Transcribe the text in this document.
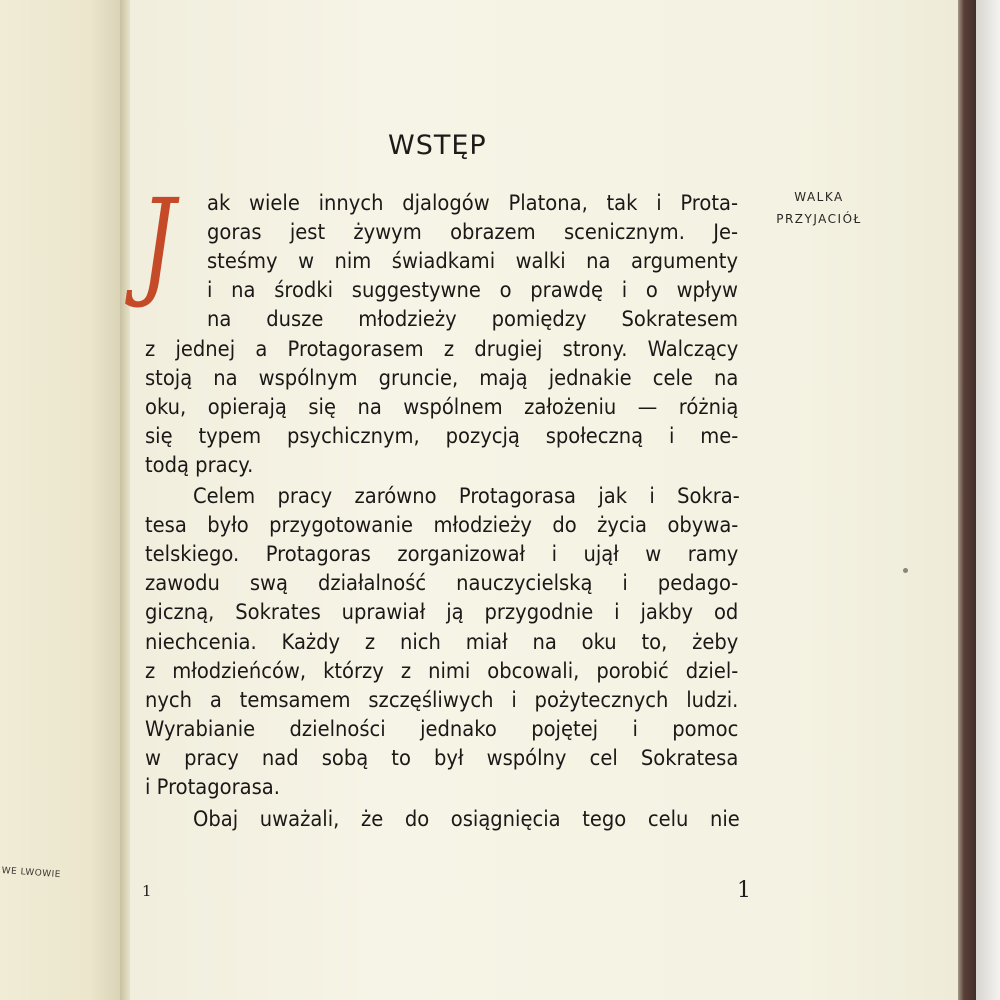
WE LWOWIE
WSTĘP
J	WALKA
PRZYJACIÓŁ
ak wiele innych djalogów Platona, tak i Prota-
goras jest żywym obrazem scenicznym. Je-
steśmy w nim świadkami walki na argumenty
i na środki suggestywne o prawdę i o wpływ
na dusze młodzieży pomiędzy Sokratesem
z jednej a Protagorasem z drugiej strony. Walczący
stoją na wspólnym gruncie, mają jednakie cele na
oku, opierają się na wspólnem założeniu — różnią
się typem psychicznym, pozycją społeczną i me-
todą pracy.
Celem pracy zarówno Protagorasa jak i Sokra-
tesa było przygotowanie młodzieży do życia obywa-
telskiego. Protagoras zorganizował i ujął w ramy
zawodu swą działalność nauczycielską i pedago-
giczną, Sokrates uprawiał ją przygodnie i jakby od
niechcenia. Każdy z nich miał na oku to, żeby
z młodzieńców, którzy z nimi obcowali, porobić dziel-
nych a temsamem szczęśliwych i pożytecznych ludzi.
Wyrabianie dzielności jednako pojętej i pomoc
w pracy nad sobą to był wspólny cel Sokratesa
i Protagorasa.
Obaj uważali, że do osiągnięcia tego celu nie
1	1
